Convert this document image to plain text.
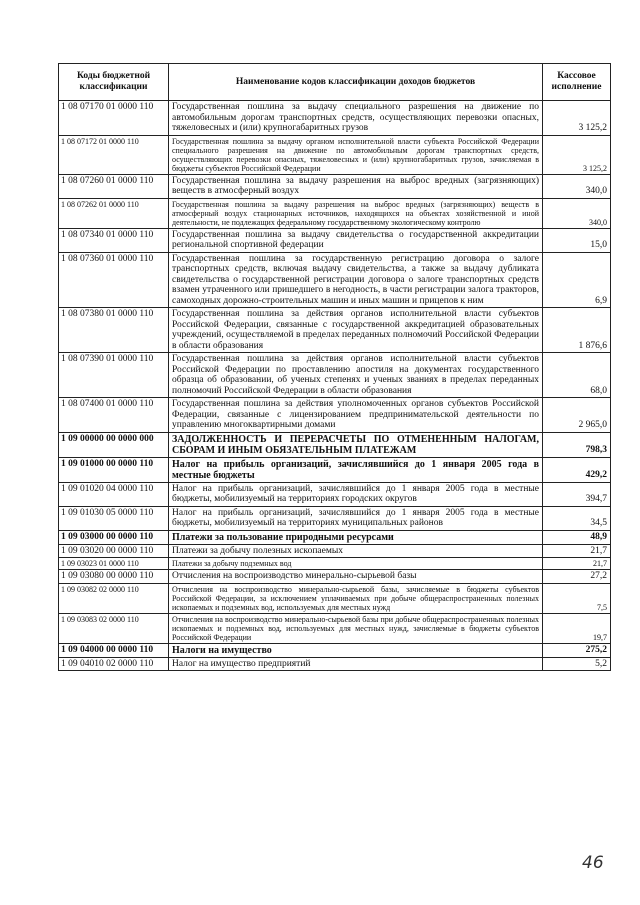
Коды бюджетной классификации	Наименование кодов классификации доходов бюджетов	Кассовое исполнение
1 08 07170 01 0000 110	Государственная пошлина за выдачу специального разрешения на движение по автомобильным дорогам транспортных средств, осуществляющих перевозки опасных, тяжеловесных и (или) крупногабаритных грузов	3 125,2
1 08 07172 01 0000 110	Государственная пошлина за выдачу органом исполнительной власти субъекта Российской Федерации специального разрешения на движение по автомобильным дорогам транспортных средств, осуществляющих перевозки опасных, тяжеловесных и (или) крупногабаритных грузов, зачисляемая в бюджеты субъектов Российской Федерации	3 125,2
1 08 07260 01 0000 110	Государственная пошлина за выдачу разрешения на выброс вредных (загрязняющих) веществ в атмосферный воздух	340,0
1 08 07262 01 0000 110	Государственная пошлина за выдачу разрешения на выброс вредных (загрязняющих) веществ в атмосферный воздух стационарных источников, находящихся на объектах хозяйственной и иной деятельности, не подлежащих федеральному государственному экологическому контролю	340,0
1 08 07340 01 0000 110	Государственная пошлина за выдачу свидетельства о государственной аккредитации региональной спортивной федерации	15,0
1 08 07360 01 0000 110	Государственная пошлина за государственную регистрацию договора о залоге транспортных средств, включая выдачу свидетельства, а также за выдачу дубликата свидетельства о государственной регистрации договора о залоге транспортных средств взамен утраченного или пришедшего в негодность, в части регистрации залога тракторов, самоходных дорожно-строительных машин и иных машин и прицепов к ним	6,9
1 08 07380 01 0000 110	Государственная пошлина за действия органов исполнительной власти субъектов Российской Федерации, связанные с государственной аккредитацией образовательных учреждений, осуществляемой в пределах переданных полномочий Российской Федерации в области образования	1 876,6
1 08 07390 01 0000 110	Государственная пошлина за действия органов исполнительной власти субъектов Российской Федерации по проставлению апостиля на документах государственного образца об образовании, об ученых степенях и ученых званиях в пределах переданных полномочий Российской Федерации в области образования	68,0
1 08 07400 01 0000 110	Государственная пошлина за действия уполномоченных органов субъектов Российской Федерации, связанные с лицензированием предпринимательской деятельности по управлению многоквартирными домами	2 965,0
1 09 00000 00 0000 000	ЗАДОЛЖЕННОСТЬ И ПЕРЕРАСЧЕТЫ ПО ОТМЕНЕННЫМ НАЛОГАМ, СБОРАМ И ИНЫМ ОБЯЗАТЕЛЬНЫМ ПЛАТЕЖАМ	798,3
1 09 01000 00 0000 110	Налог на прибыль организаций, зачислявшийся до 1 января 2005 года в местные бюджеты	429,2
1 09 01020 04 0000 110	Налог на прибыль организаций, зачислявшийся до 1 января 2005 года в местные бюджеты, мобилизуемый на территориях городских округов	394,7
1 09 01030 05 0000 110	Налог на прибыль организаций, зачислявшийся до 1 января 2005 года в местные бюджеты, мобилизуемый на территориях муниципальных районов	34,5
1 09 03000 00 0000 110	Платежи за пользование природными ресурсами	48,9
1 09 03020 00 0000 110	Платежи за добычу полезных ископаемых	21,7
1 09 03023 01 0000 110	Платежи за добычу подземных вод	21,7
1 09 03080 00 0000 110	Отчисления на воспроизводство минерально-сырьевой базы	27,2
1 09 03082 02 0000 110	Отчисления на воспроизводство минерально-сырьевой базы, зачисляемые в бюджеты субъектов Российской Федерации, за исключением уплачиваемых при добыче общераспространенных полезных ископаемых и подземных вод, используемых для местных нужд	7,5
1 09 03083 02 0000 110	Отчисления на воспроизводство минерально-сырьевой базы при добыче общераспространенных полезных ископаемых и подземных вод, используемых для местных нужд, зачисляемые в бюджеты субъектов Российской Федерации	19,7
1 09 04000 00 0000 110	Налоги на имущество	275,2
1 09 04010 02 0000 110	Налог на имущество предприятий	5,2
46
